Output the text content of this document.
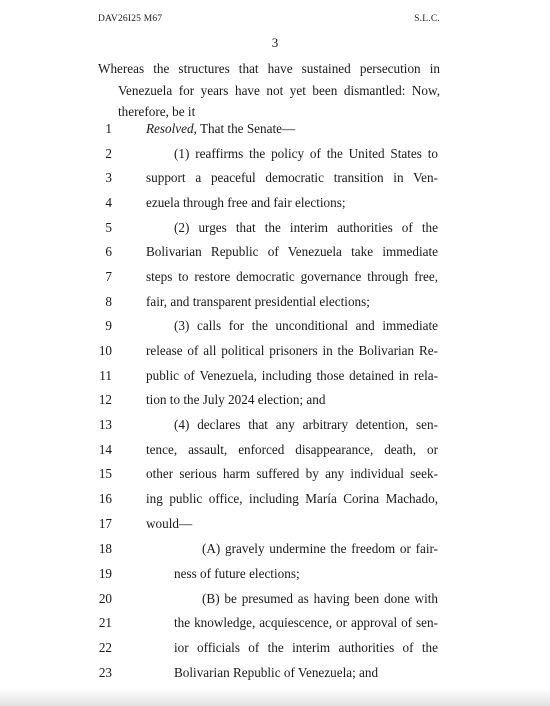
DAV26I25 M67	S.L.C.
3
Whereas the structures that have sustained persecution in
Venezuela for years have not yet been dismantled: Now,
therefore, be it
1	Resolved, That the Senate—
2	(1) reaffirms the policy of the United States to
3	support a peaceful democratic transition in Ven-
4	ezuela through free and fair elections;
5	(2) urges that the interim authorities of the
6	Bolivarian Republic of Venezuela take immediate
7	steps to restore democratic governance through free,
8	fair, and transparent presidential elections;
9	(3) calls for the unconditional and immediate
10	release of all political prisoners in the Bolivarian Re-
11	public of Venezuela, including those detained in rela-
12	tion to the July 2024 election; and
13	(4) declares that any arbitrary detention, sen-
14	tence, assault, enforced disappearance, death, or
15	other serious harm suffered by any individual seek-
16	ing public office, including María Corina Machado,
17	would—
18	(A) gravely undermine the freedom or fair-
19	ness of future elections;
20	(B) be presumed as having been done with
21	the knowledge, acquiescence, or approval of sen-
22	ior officials of the interim authorities of the
23	Bolivarian Republic of Venezuela; and
